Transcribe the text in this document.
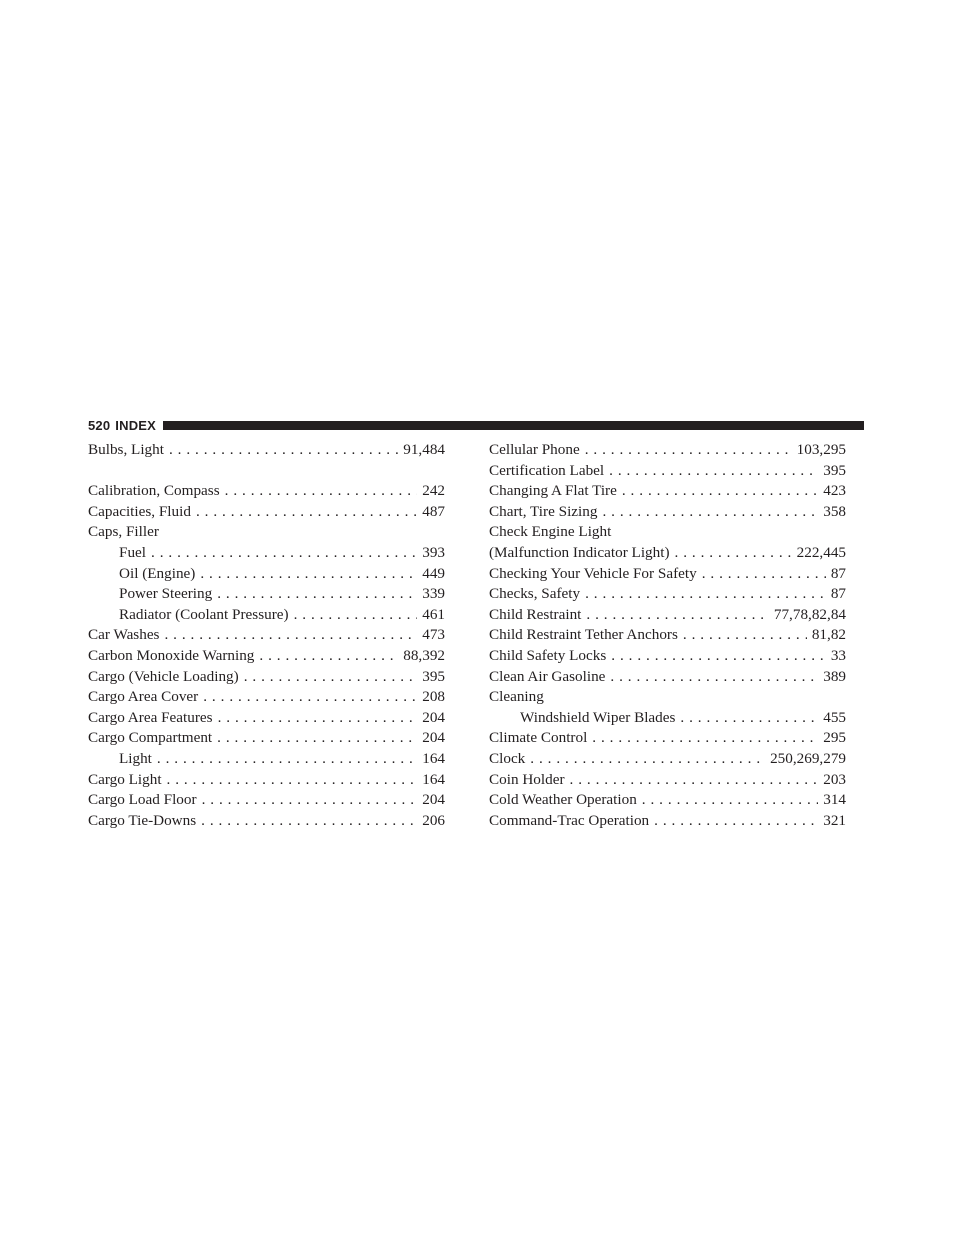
520 INDEX
Bulbs, Light . . .	91,484
Calibration, Compass . . .	242
Capacities, Fluid . . .	487
Caps, Filler
Fuel . . .	393
Oil (Engine) . . .	449
Power Steering . . .	339
Radiator (Coolant Pressure) . . .	461
Car Washes . . .	473
Carbon Monoxide Warning . . .	88,392
Cargo (Vehicle Loading) . . .	395
Cargo Area Cover . . .	208
Cargo Area Features . . .	204
Cargo Compartment . . .	204
Light . . .	164
Cargo Light . . .	164
Cargo Load Floor . . .	204
Cargo Tie-Downs . . .	206
Cellular Phone . . .	103,295
Certification Label . . .	395
Changing A Flat Tire . . .	423
Chart, Tire Sizing . . .	358
Check Engine Light
(Malfunction Indicator Light) . . .	222,445
Checking Your Vehicle For Safety . . .	87
Checks, Safety . . .	87
Child Restraint . . .	77,78,82,84
Child Restraint Tether Anchors . . .	81,82
Child Safety Locks . . .	33
Clean Air Gasoline . . .	389
Cleaning
Windshield Wiper Blades . . .	455
Climate Control . . .	295
Clock . . .	250,269,279
Coin Holder . . .	203
Cold Weather Operation . . .	314
Command-Trac Operation . . .	321
